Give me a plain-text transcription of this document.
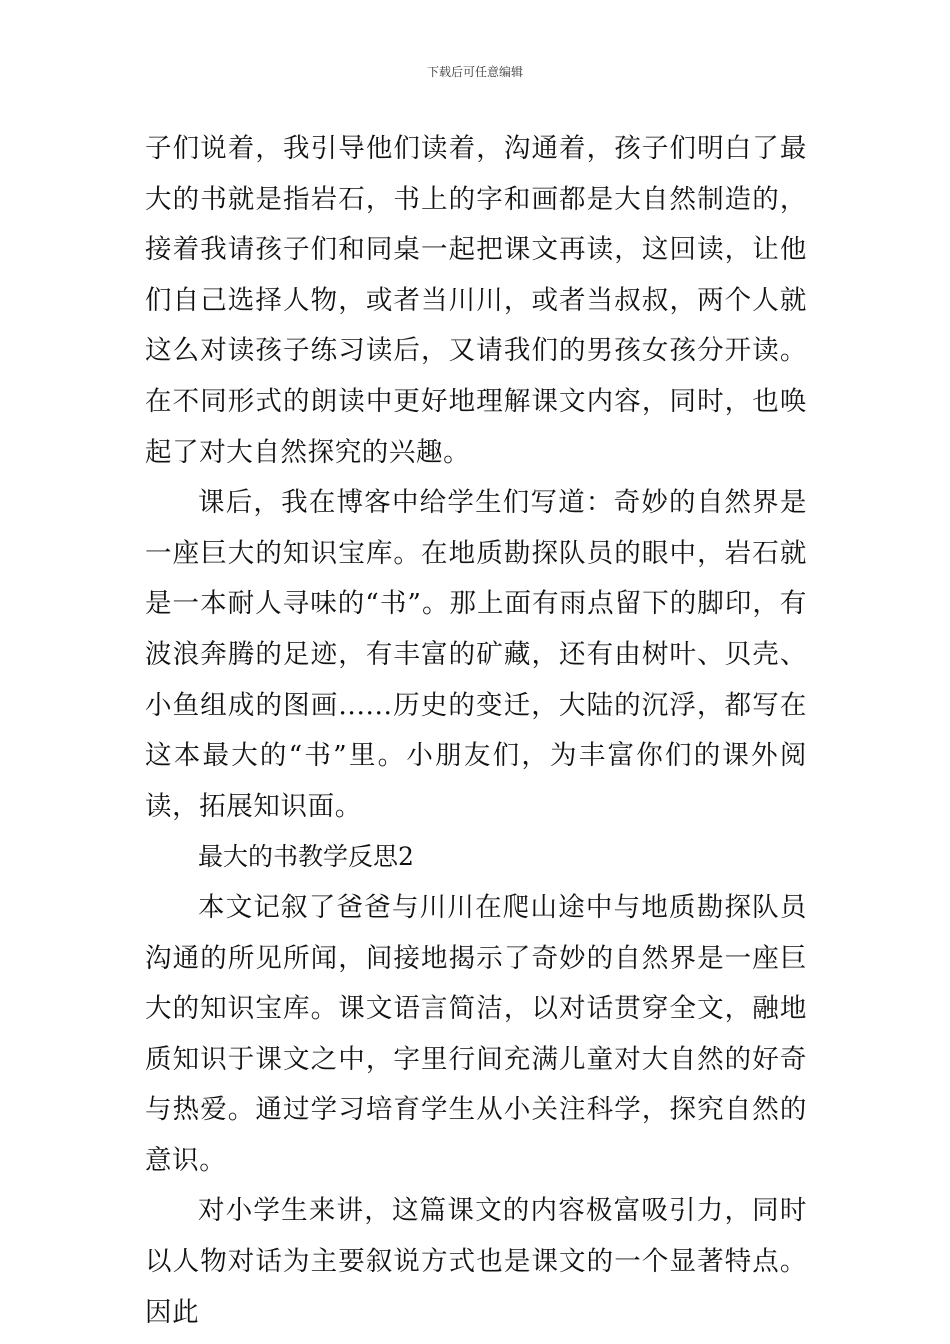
下载后可任意编辑

子们说着，我引导他们读着，沟通着，孩子们明白了最大的书就是指岩石，书上的字和画都是大自然制造的，接着我请孩子们和同桌一起把课文再读，这回读，让他们自己选择人物，或者当川川，或者当叔叔，两个人就这么对读孩子练习读后，又请我们的男孩女孩分开读。在不同形式的朗读中更好地理解课文内容，同时，也唤起了对大自然探究的兴趣。

课后，我在博客中给学生们写道：奇妙的自然界是一座巨大的知识宝库。在地质勘探队员的眼中，岩石就是一本耐人寻味的“书”。那上面有雨点留下的脚印，有波浪奔腾的足迹，有丰富的矿藏，还有由树叶、贝壳、小鱼组成的图画......历史的变迁，大陆的沉浮，都写在这本最大的“书”里。小朋友们，为丰富你们的课外阅读，拓展知识面。

最大的书教学反思2

本文记叙了爸爸与川川在爬山途中与地质勘探队员沟通的所见所闻，间接地揭示了奇妙的自然界是一座巨大的知识宝库。课文语言简洁，以对话贯穿全文，融地质知识于课文之中，字里行间充满儿童对大自然的好奇与热爱。通过学习培育学生从小关注科学，探究自然的意识。

对小学生来讲，这篇课文的内容极富吸引力，同时以人物对话为主要叙说方式也是课文的一个显著特点。因此
